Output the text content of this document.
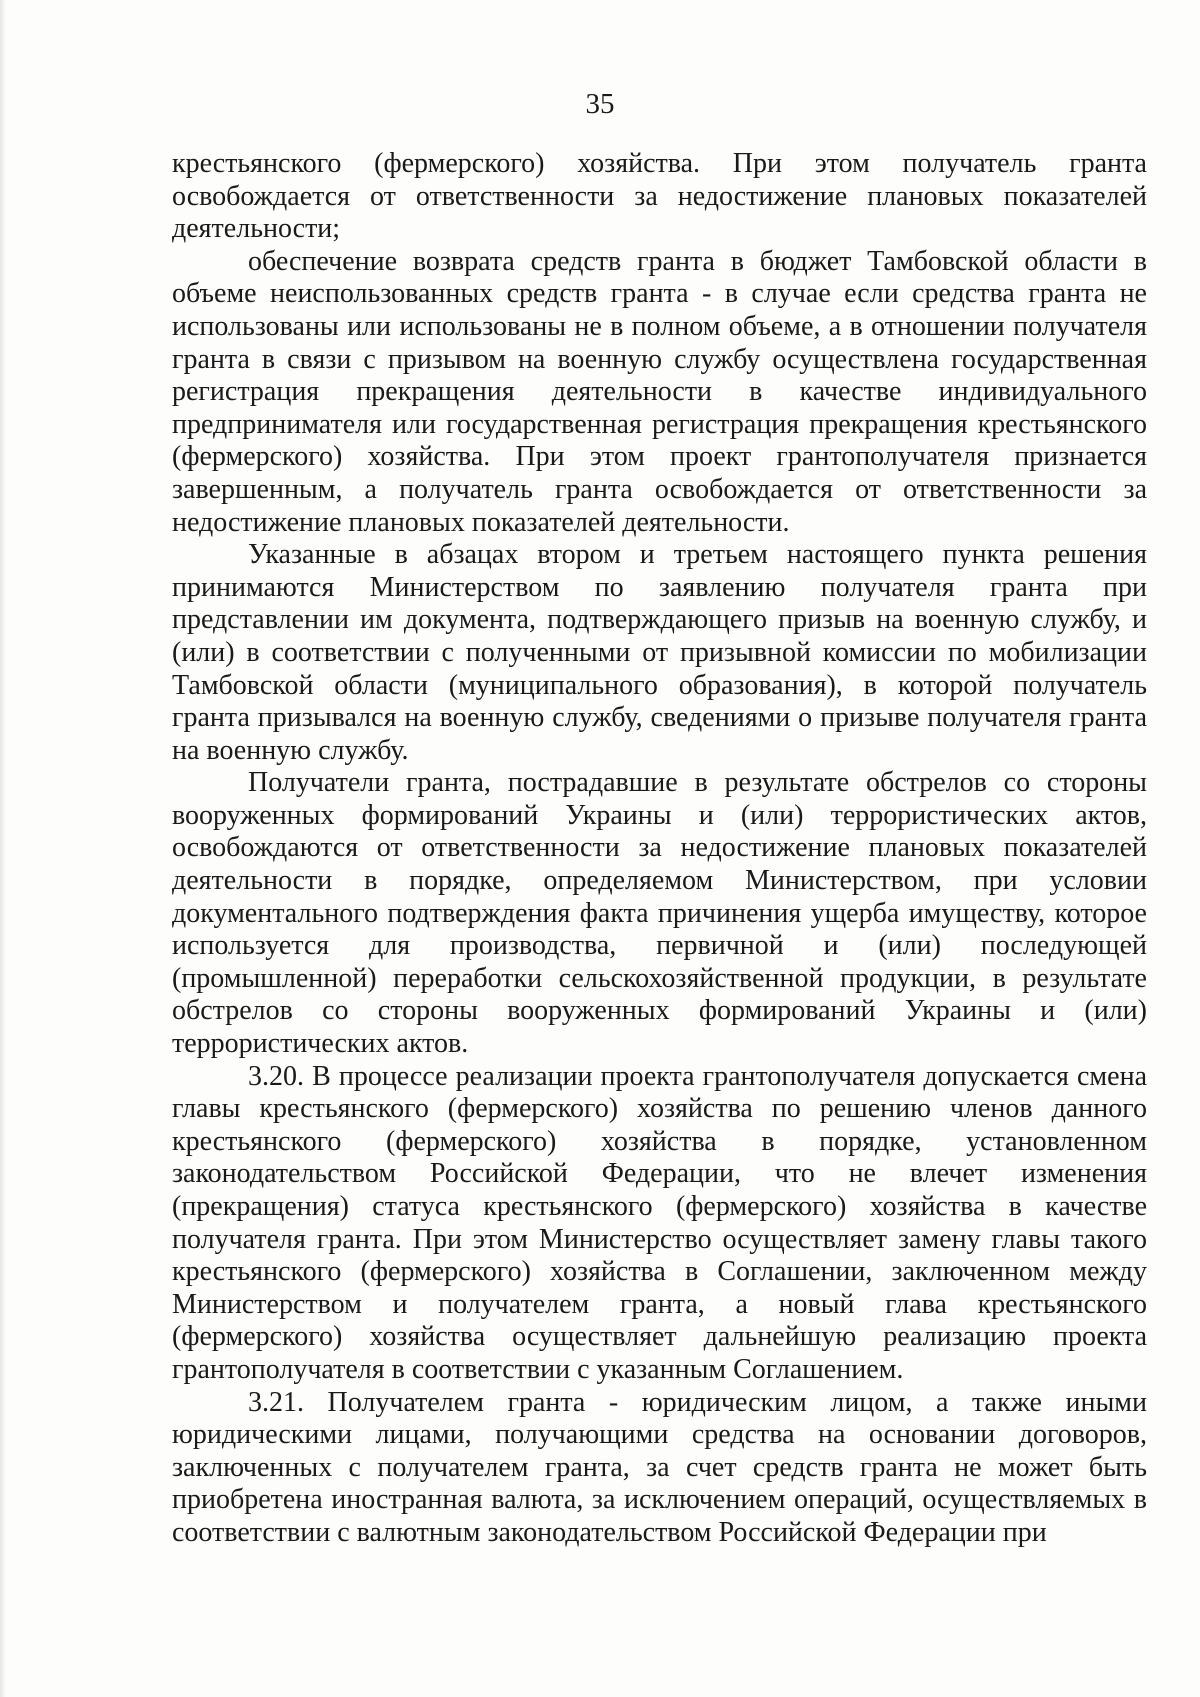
35

крестьянского (фермерского) хозяйства. При этом получатель гранта освобождается от ответственности за недостижение плановых показателей деятельности;

обеспечение возврата средств гранта в бюджет Тамбовской области в объеме неиспользованных средств гранта - в случае если средства гранта не использованы или использованы не в полном объеме, а в отношении получателя гранта в связи с призывом на военную службу осуществлена государственная регистрация прекращения деятельности в качестве индивидуального предпринимателя или государственная регистрация прекращения крестьянского (фермерского) хозяйства. При этом проект грантополучателя признается завершенным, а получатель гранта освобождается от ответственности за недостижение плановых показателей деятельности.

Указанные в абзацах втором и третьем настоящего пункта решения принимаются Министерством по заявлению получателя гранта при представлении им документа, подтверждающего призыв на военную службу, и (или) в соответствии с полученными от призывной комиссии по мобилизации Тамбовской области (муниципального образования), в которой получатель гранта призывался на военную службу, сведениями о призыве получателя гранта на военную службу.

Получатели гранта, пострадавшие в результате обстрелов со стороны вооруженных формирований Украины и (или) террористических актов, освобождаются от ответственности за недостижение плановых показателей деятельности в порядке, определяемом Министерством, при условии документального подтверждения факта причинения ущерба имуществу, которое используется для производства, первичной и (или) последующей (промышленной) переработки сельскохозяйственной продукции, в результате обстрелов со стороны вооруженных формирований Украины и (или) террористических актов.

3.20. В процессе реализации проекта грантополучателя допускается смена главы крестьянского (фермерского) хозяйства по решению членов данного крестьянского (фермерского) хозяйства в порядке, установленном законодательством Российской Федерации, что не влечет изменения (прекращения) статуса крестьянского (фермерского) хозяйства в качестве получателя гранта. При этом Министерство осуществляет замену главы такого крестьянского (фермерского) хозяйства в Соглашении, заключенном между Министерством и получателем гранта, а новый глава крестьянского (фермерского) хозяйства осуществляет дальнейшую реализацию проекта грантополучателя в соответствии с указанным Соглашением.

3.21. Получателем гранта - юридическим лицом, а также иными юридическими лицами, получающими средства на основании договоров, заключенных с получателем гранта, за счет средств гранта не может быть приобретена иностранная валюта, за исключением операций, осуществляемых в соответствии с валютным законодательством Российской Федерации при
